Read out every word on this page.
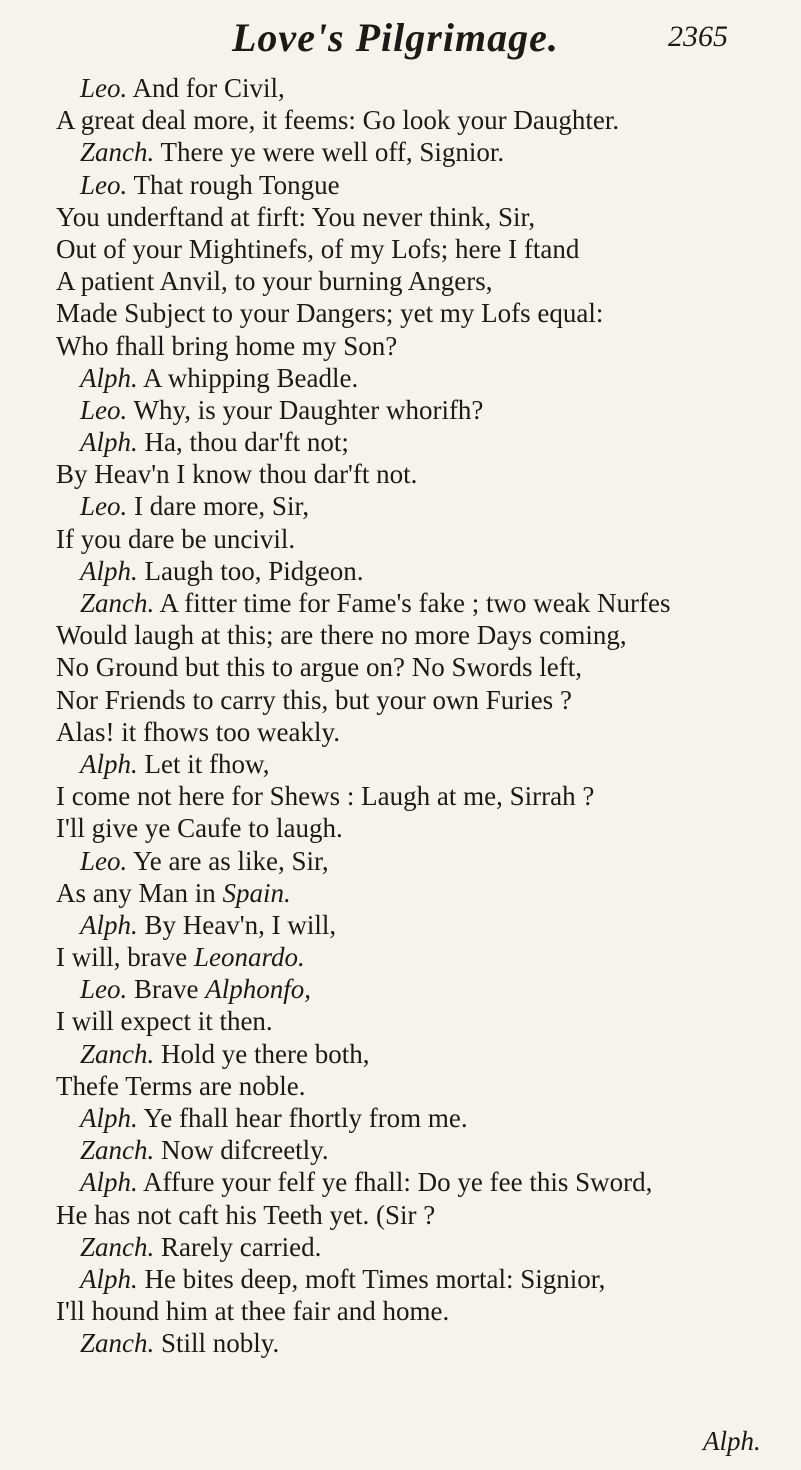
Love's Pilgrimage.	2365
Leo. And for Civil,
A great deal more, it feems: Go look your Daughter.
Zanch. There ye were well off, Signior.
Leo. That rough Tongue
You underftand at firft: You never think, Sir,
Out of your Mightinefs, of my Lofs; here I ftand
A patient Anvil, to your burning Angers,
Made Subject to your Dangers; yet my Lofs equal:
Who fhall bring home my Son?
Alph. A whipping Beadle.
Leo. Why, is your Daughter whorifh?
Alph. Ha, thou dar'ft not;
By Heav'n I know thou dar'ft not.
Leo. I dare more, Sir,
If you dare be uncivil.
Alph. Laugh too, Pidgeon.
Zanch. A fitter time for Fame's fake ; two weak Nurfes
Would laugh at this; are there no more Days coming,
No Ground but this to argue on? No Swords left,
Nor Friends to carry this, but your own Furies ?
Alas! it fhows too weakly.
Alph. Let it fhow,
I come not here for Shews : Laugh at me, Sirrah ?
I'll give ye Caufe to laugh.
Leo. Ye are as like, Sir,
As any Man in Spain.
Alph. By Heav'n, I will,
I will, brave Leonardo.
Leo. Brave Alphonfo,
I will expect it then.
Zanch. Hold ye there both,
Thefe Terms are noble.
Alph. Ye fhall hear fhortly from me.
Zanch. Now difcreetly.
Alph. Affure your felf ye fhall: Do ye fee this Sword,
He has not caft his Teeth yet. (Sir ?
Zanch. Rarely carried.
Alph. He bites deep, moft Times mortal: Signior,
I'll hound him at thee fair and home.
Zanch. Still nobly.
Alph.
